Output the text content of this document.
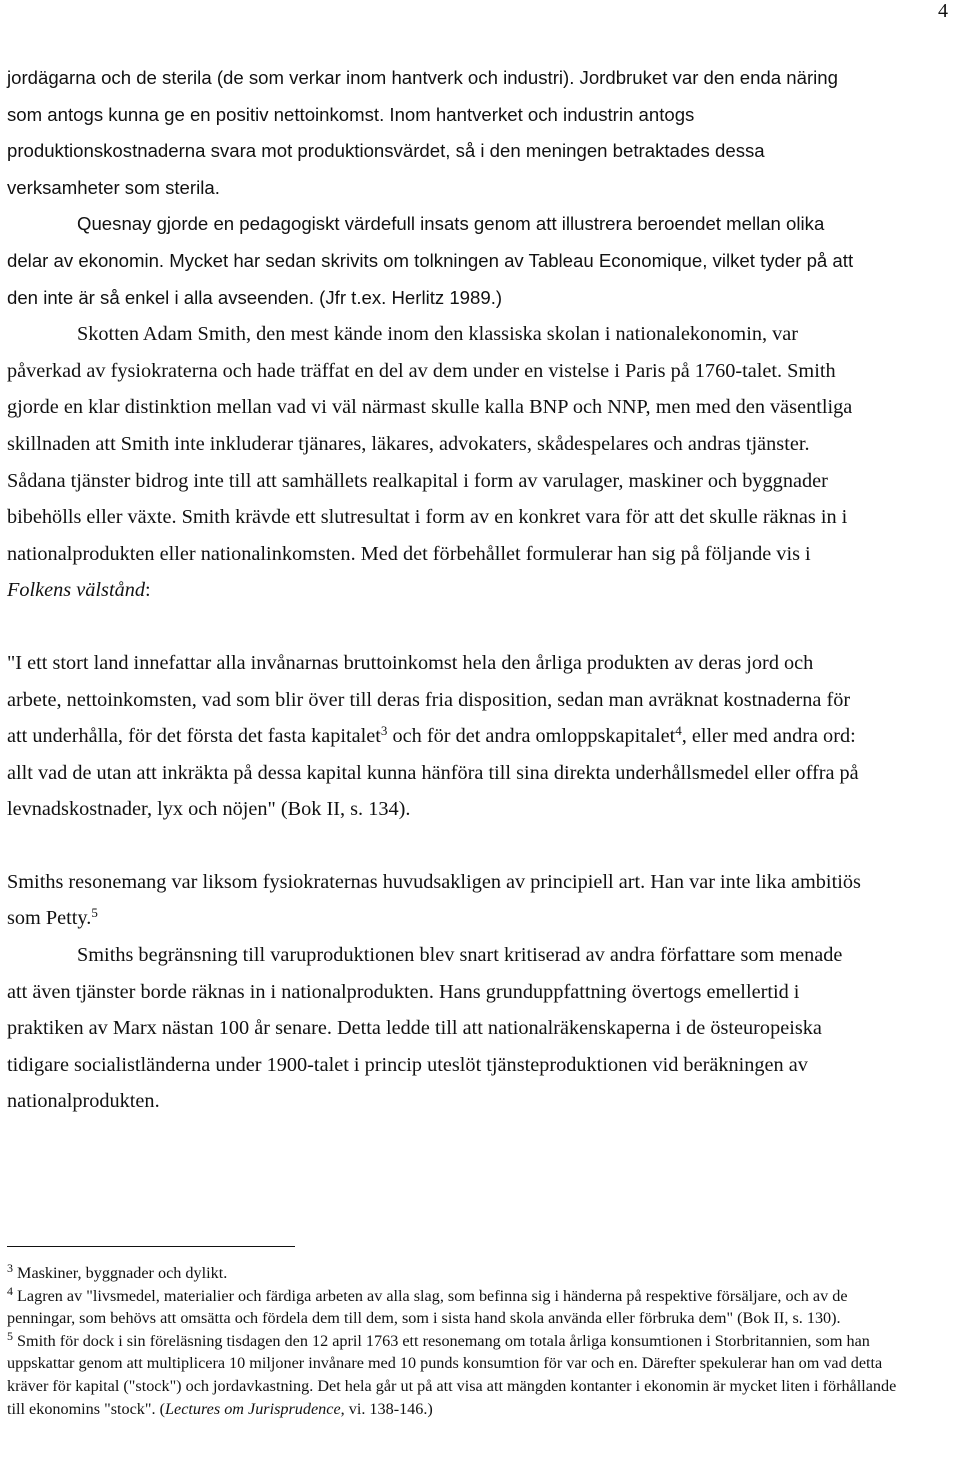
4

jordägarna och de sterila (de som verkar inom hantverk och industri). Jordbruket var den enda näring som antogs kunna ge en positiv nettoinkomst. Inom hantverket och industrin antogs produktionskostnaderna svara mot produktionsvärdet, så i den meningen betraktades dessa verksamheter som sterila.

Quesnay gjorde en pedagogiskt värdefull insats genom att illustrera beroendet mellan olika delar av ekonomin. Mycket har sedan skrivits om tolkningen av Tableau Economique, vilket tyder på att den inte är så enkel i alla avseenden. (Jfr t.ex. Herlitz 1989.)

Skotten Adam Smith, den mest kände inom den klassiska skolan i nationalekonomin, var påverkad av fysiokraterna och hade träffat en del av dem under en vistelse i Paris på 1760-talet. Smith gjorde en klar distinktion mellan vad vi väl närmast skulle kalla BNP och NNP, men med den väsentliga skillnaden att Smith inte inkluderar tjänares, läkares, advokaters, skådespelares och andras tjänster. Sådana tjänster bidrog inte till att samhällets realkapital i form av varulager, maskiner och byggnader bibehölls eller växte. Smith krävde ett slutresultat i form av en konkret vara för att det skulle räknas in i nationalprodukten eller nationalinkomsten. Med det förbehållet formulerar han sig på följande vis i Folkens välstånd:

"I ett stort land innefattar alla invånarnas bruttoinkomst hela den årliga produkten av deras jord och arbete, nettoinkomsten, vad som blir över till deras fria disposition, sedan man avräknat kostnaderna för att underhålla, för det första det fasta kapitalet$^3$ och för det andra omloppskapitalet$^4$, eller med andra ord: allt vad de utan att inkräkta på dessa kapital kunna hänföra till sina direkta underhållsmedel eller offra på levnadskostnader, lyx och nöjen" (Bok II, s. 134).

Smiths resonemang var liksom fysiokraternas huvudsakligen av principiell art. Han var inte lika ambitiös som Petty.$^5$

Smiths begränsning till varuproduktionen blev snart kritiserad av andra författare som menade att även tjänster borde räknas in i nationalprodukten. Hans grunduppfattning övertogs emellertid i praktiken av Marx nästan 100 år senare. Detta ledde till att nationalräkenskaperna i de östeuropeiska tidigare socialistländerna under 1900-talet i princip uteslöt tjänsteproduktionen vid beräkningen av nationalprodukten.

$^3$ Maskiner, byggnader och dylikt.

$^4$ Lagren av "livsmedel, materialier och färdiga arbeten av alla slag, som befinna sig i händerna på respektive försäljare, och av de penningar, som behövs att omsätta och fördela dem till dem, som i sista hand skola använda eller förbruka dem" (Bok II, s. 130).

$^5$ Smith för dock i sin föreläsning tisdagen den 12 april 1763 ett resonemang om totala årliga konsumtionen i Storbritannien, som han uppskattar genom att multiplicera 10 miljoner invånare med 10 punds konsumtion för var och en. Därefter spekulerar han om vad detta kräver för kapital ("stock") och jordavkastning. Det hela går ut på att visa att mängden kontanter i ekonomin är mycket liten i förhållande till ekonomins "stock". (Lectures om Jurisprudence, vi. 138-146.)
